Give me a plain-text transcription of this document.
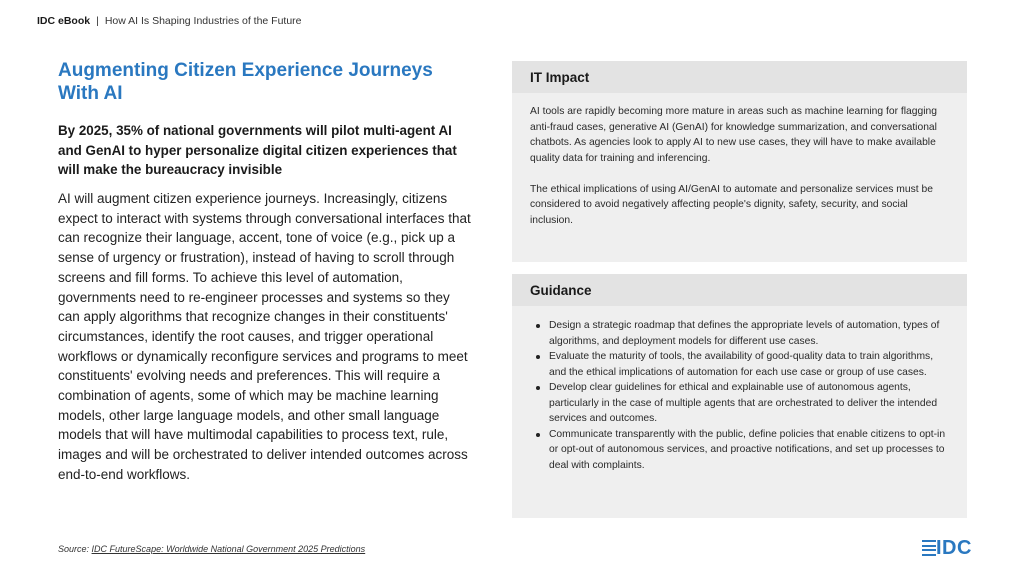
IDC eBook | How AI Is Shaping Industries of the Future
Augmenting Citizen Experience Journeys With AI

By 2025, 35% of national governments will pilot multi-agent AI and GenAI to hyper personalize digital citizen experiences that will make the bureaucracy invisible

AI will augment citizen experience journeys. Increasingly, citizens expect to interact with systems through conversational interfaces that can recognize their language, accent, tone of voice (e.g., pick up a sense of urgency or frustration), instead of having to scroll through screens and fill forms. To achieve this level of automation, governments need to re-engineer processes and systems so they can apply algorithms that recognize changes in their constituents' circumstances, identify the root causes, and trigger operational workflows or dynamically reconfigure services and programs to meet constituents' evolving needs and preferences. This will require a combination of agents, some of which may be machine learning models, other large language models, and other small language models that will have multimodal capabilities to process text, rule, images and will be orchestrated to deliver intended outcomes across end-to-end workflows.

IT Impact

AI tools are rapidly becoming more mature in areas such as machine learning for flagging anti-fraud cases, generative AI (GenAI) for knowledge summarization, and conversational chatbots. As agencies look to apply AI to new use cases, they will have to make available quality data for training and inferencing.

The ethical implications of using AI/GenAI to automate and personalize services must be considered to avoid negatively affecting people's dignity, safety, security, and social inclusion.

Guidance
Design a strategic roadmap that defines the appropriate levels of automation, types of algorithms, and deployment models for different use cases.
Evaluate the maturity of tools, the availability of good-quality data to train algorithms, and the ethical implications of automation for each use case or group of use cases.
Develop clear guidelines for ethical and explainable use of autonomous agents, particularly in the case of multiple agents that are orchestrated to deliver the intended services and outcomes.
Communicate transparently with the public, define policies that enable citizens to opt-in or opt-out of autonomous services, and proactive notifications, and set up processes to deal with complaints.
Source: IDC FutureScape: Worldwide National Government 2025 Predictions	IDC
